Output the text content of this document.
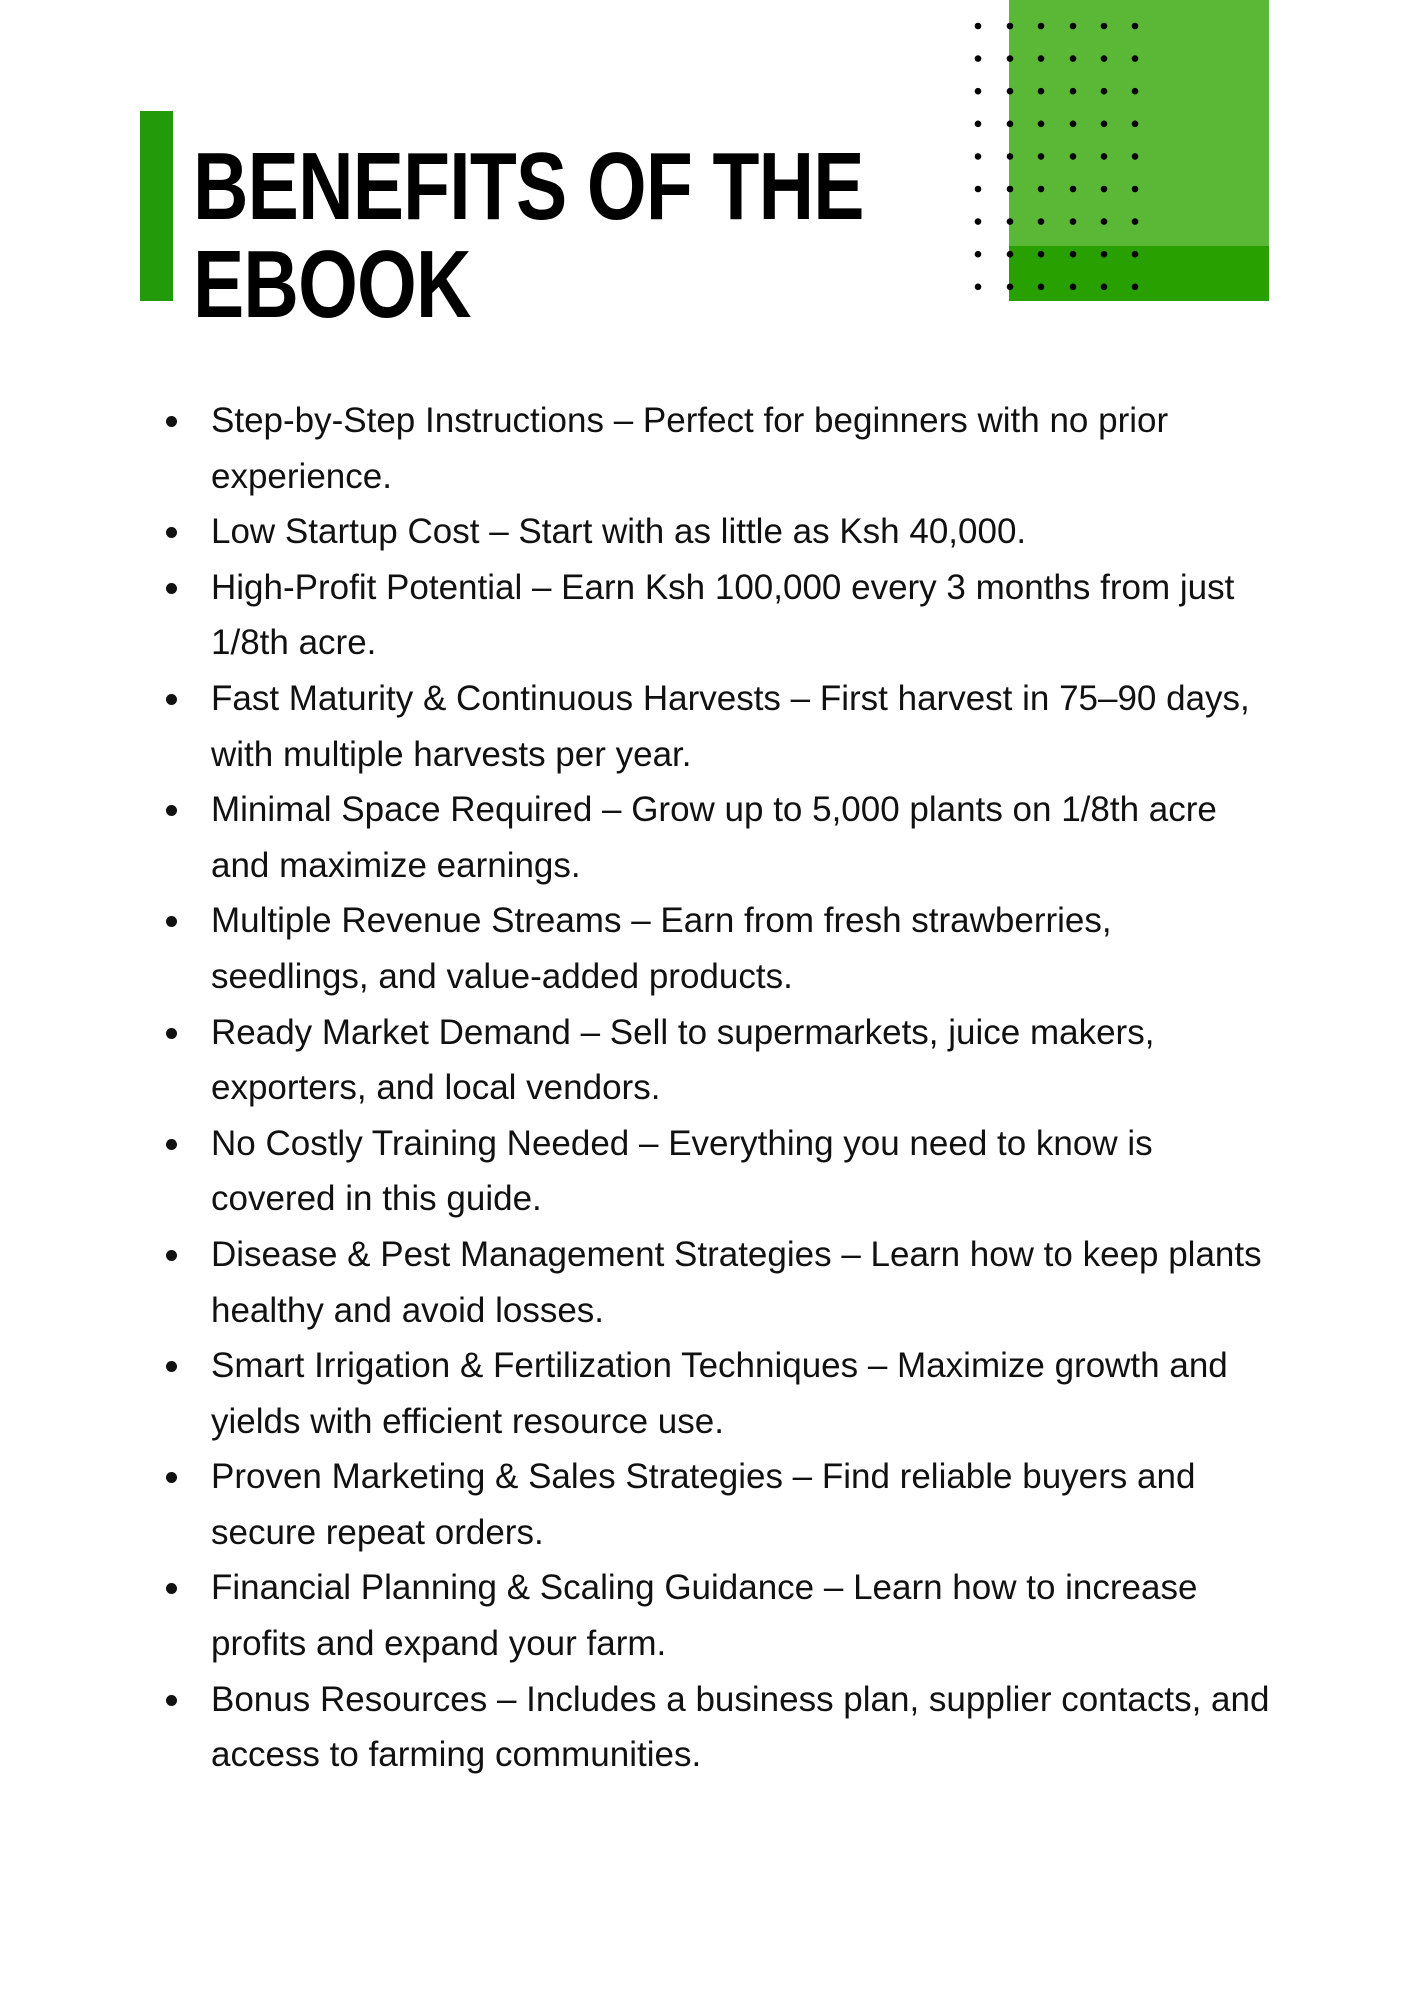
BENEFITS OF THE
EBOOK
Step-by-Step Instructions – Perfect for beginners with no prior experience.
Low Startup Cost – Start with as little as Ksh 40,000.
High-Profit Potential – Earn Ksh 100,000 every 3 months from just 1/8th acre.
Fast Maturity & Continuous Harvests – First harvest in 75–90 days, with multiple harvests per year.
Minimal Space Required – Grow up to 5,000 plants on 1/8th acre and maximize earnings.
Multiple Revenue Streams – Earn from fresh strawberries, seedlings, and value-added products.
Ready Market Demand – Sell to supermarkets, juice makers, exporters, and local vendors.
No Costly Training Needed – Everything you need to know is covered in this guide.
Disease & Pest Management Strategies – Learn how to keep plants healthy and avoid losses.
Smart Irrigation & Fertilization Techniques – Maximize growth and yields with efficient resource use.
Proven Marketing & Sales Strategies – Find reliable buyers and secure repeat orders.
Financial Planning & Scaling Guidance – Learn how to increase profits and expand your farm.
Bonus Resources – Includes a business plan, supplier contacts, and access to farming communities.
